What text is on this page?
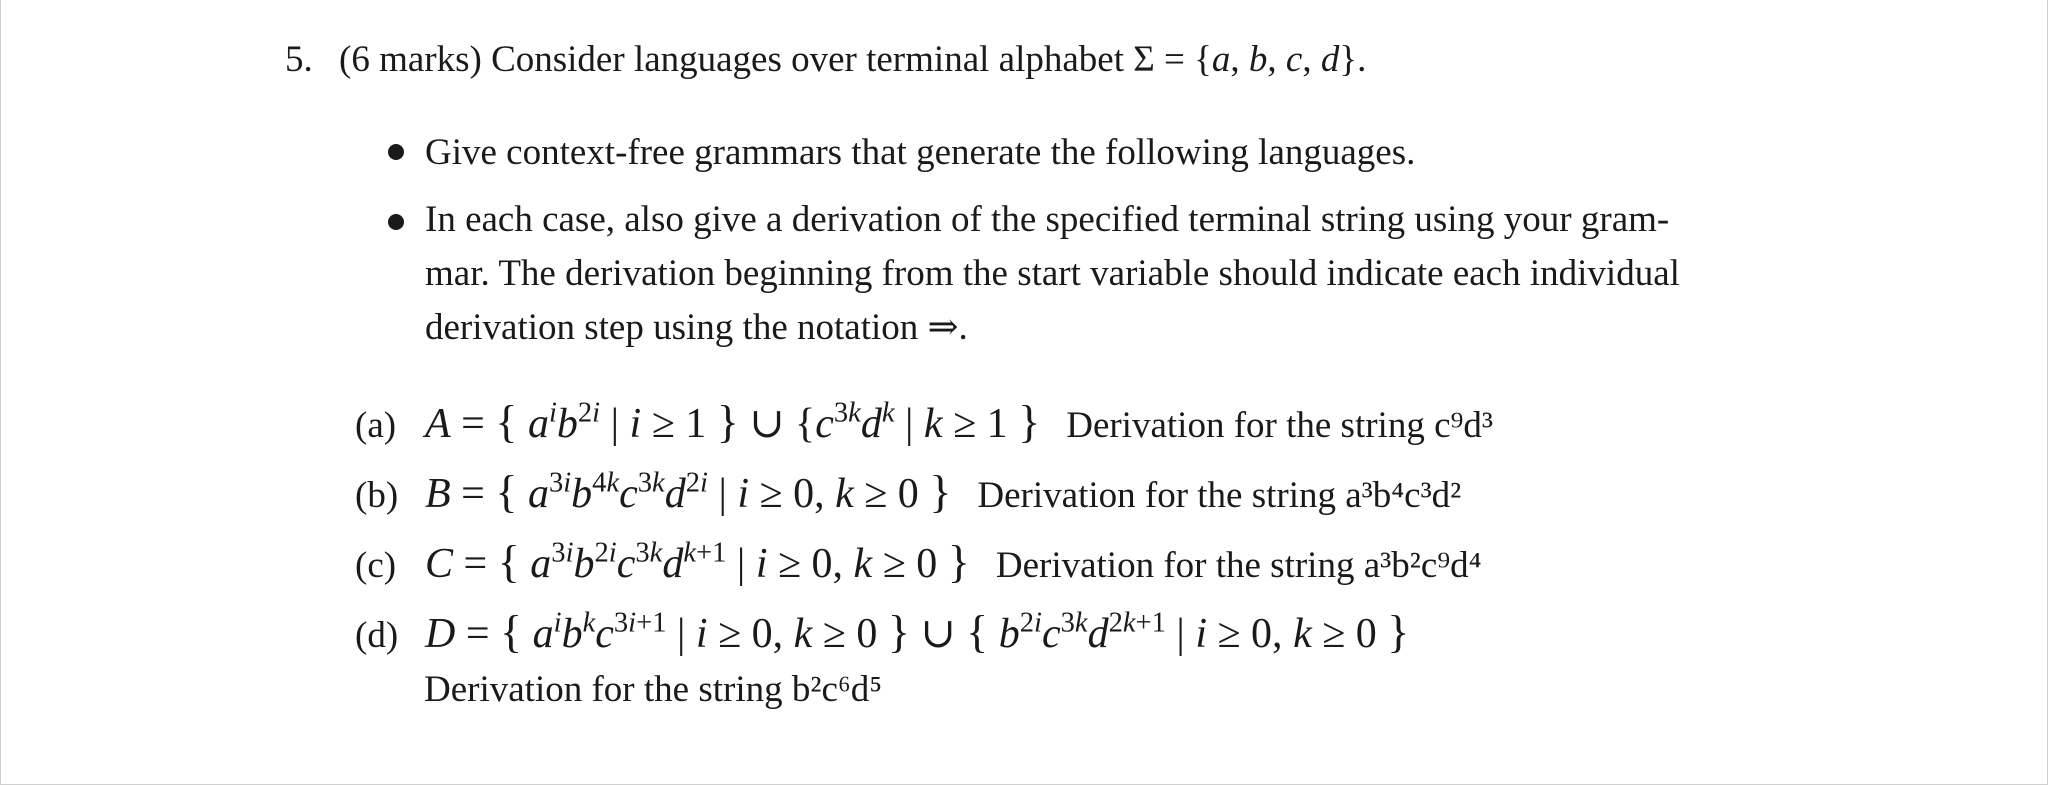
5. (6 marks) Consider languages over terminal alphabet Σ = {a, b, c, d}.
Give context-free grammars that generate the following languages.
In each case, also give a derivation of the specified terminal string using your gram-
mar. The derivation beginning from the start variable should indicate each individual
derivation step using the notation ⇒.
(a) A = { $a^ib^{2i}$ | i ≥ 1 } ∪ {$c^{3k}d^k$ | k ≥ 1 } Derivation for the string c⁹d³
(b) B = { $a^{3i}b^{4k}c^{3k}d^{2i}$ | i ≥ 0, k ≥ 0 } Derivation for the string a³b⁴c³d²
(c) C = { $a^{3i}b^{2i}c^{3k}d^{k+1}$ | i ≥ 0, k ≥ 0 } Derivation for the string a³b²c⁹d⁴
(d) D = { $a^ib^kc^{3i+1}$ | i ≥ 0, k ≥ 0 } ∪ { $b^{2i}c^{3k}d^{2k+1}$ | i ≥ 0, k ≥ 0 }
Derivation for the string b²c⁶d⁵
